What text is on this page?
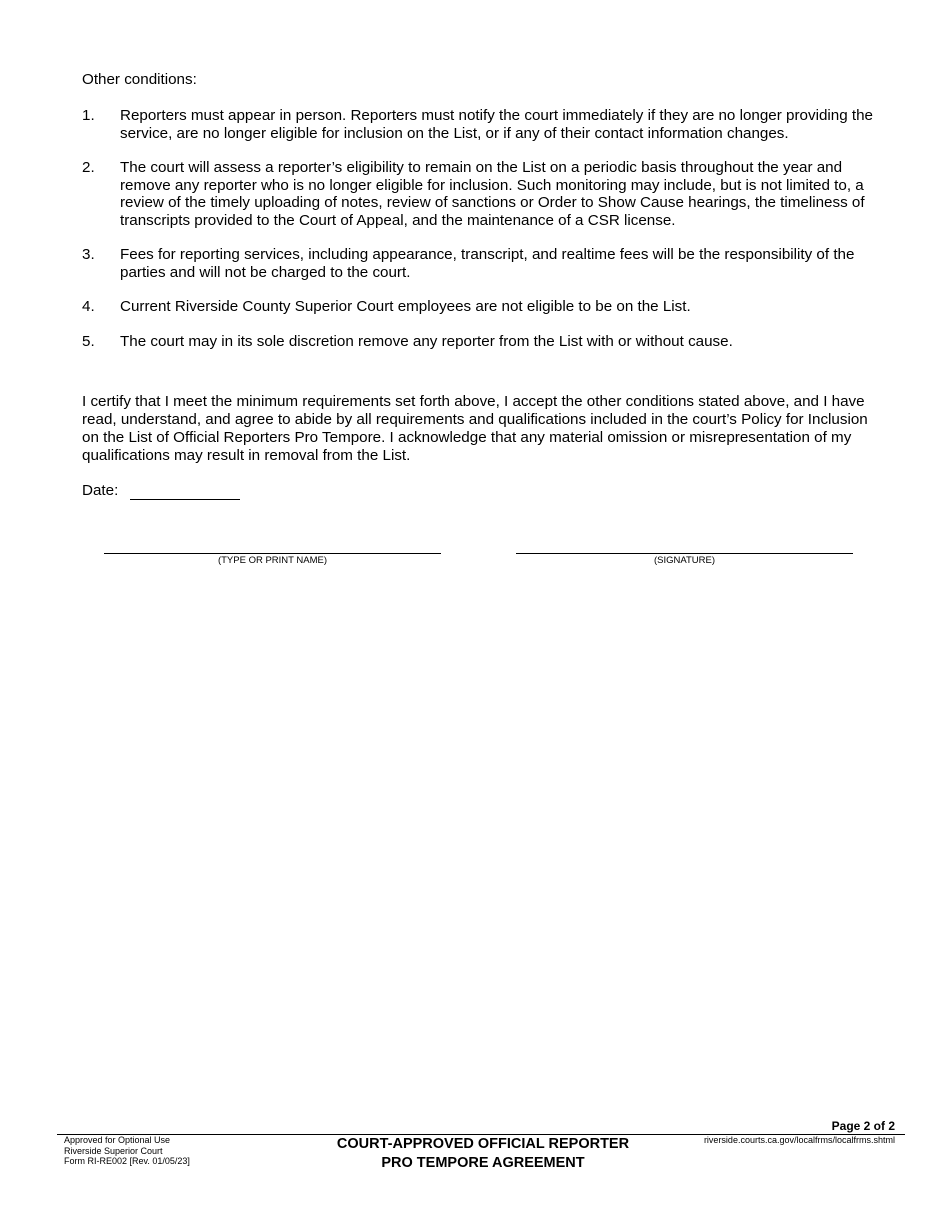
Other conditions:
1.	Reporters must appear in person. Reporters must notify the court immediately if they are no longer providing the service, are no longer eligible for inclusion on the List, or if any of their contact information changes.
2.	The court will assess a reporter’s eligibility to remain on the List on a periodic basis throughout the year and remove any reporter who is no longer eligible for inclusion. Such monitoring may include, but is not limited to, a review of the timely uploading of notes, review of sanctions or Order to Show Cause hearings, the timeliness of transcripts provided to the Court of Appeal, and the maintenance of a CSR license.
3.	Fees for reporting services, including appearance, transcript, and realtime fees will be the responsibility of the parties and will not be charged to the court.
4.	Current Riverside County Superior Court employees are not eligible to be on the List.
5.	The court may in its sole discretion remove any reporter from the List with or without cause.
I certify that I meet the minimum requirements set forth above, I accept the other conditions stated above, and I have read, understand, and agree to abide by all requirements and qualifications included in the court’s Policy for Inclusion on the List of Official Reporters Pro Tempore. I acknowledge that any material omission or misrepresentation of my qualifications may result in removal from the List.
Date:
(TYPE OR PRINT NAME)	(SIGNATURE)
Page 2 of 2
Approved for Optional Use
Riverside Superior Court
Form RI-RE002 [Rev. 01/05/23]
COURT-APPROVED OFFICIAL REPORTER
PRO TEMPORE AGREEMENT
riverside.courts.ca.gov/localfrms/localfrms.shtml
